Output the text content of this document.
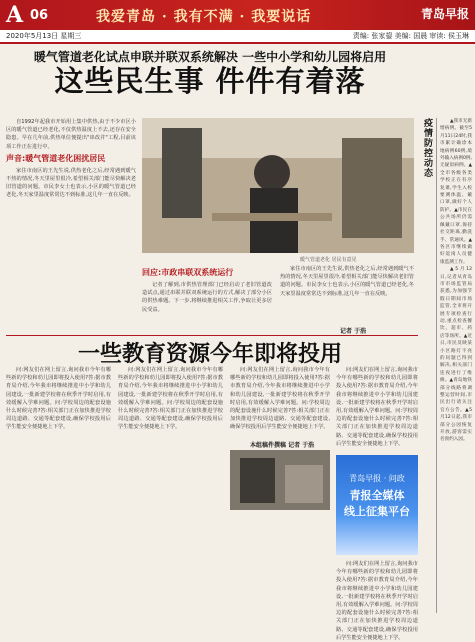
A 06	我爱青岛 · 我有不满 · 我要说话	青岛早报
2020年5月13日 星期三	责编: 张家鋆 美编: 国晨 审读: 侯玉琳
暖气管道老化试点申联并联双系统解决 一些中小学和幼儿园将启用
这些民生事 件件有着落

自1992年起我市开始用上集中供热,由于不少市区小区的暖气管道已经老化,不仅供热温度上不去,还存在安全隐患。早在几年前,供热单位便提出"串改并"工程,目前该项工作正在进行中。

声音:暖气管道老化困扰居民

家住市南区的王先生说,供热老化之后,经常遇到暖气不热的情况,冬天里屋里很冷,希望相关部门能尽快解决老旧管道的问题。市民李女士也表示,小区的暖气管道已经老化,冬天家里温度常常达不到标准,这几年一直在反映。

暖气管道老化 居民有意见
回应:市政串联双系统运行

记者了解到,市供热管理部门已经启动了老旧管道改造试点,通过串联并联双系统运行的方式,解决了部分小区的供热难题。下一步,将继续推进相关工作,争取让更多居民受益。

家住市南区的王先生说,供热老化之后,经常遇到暖气不热的情况,冬天里屋里很冷,希望相关部门能尽快解决老旧管道的问题。市民李女士也表示,小区的暖气管道已经老化,冬天家里温度常常达不到标准,这几年一直在反映。

记者 于浩
疫情防控动态	▲我市无新增病例。截至5月11日24时,我市累计确诊本地病例60例,境外输入病例0例,无疑似病例。▲全市各级各类学校正在有序复课,学生入校要测体温、戴口罩,做好个人防护。▲市民在公共场所仍需佩戴口罩,保持社交距离,勤洗手、常通风。▲各区市继续做好返岗人员健康监测工作。

▲5月12日,记者从青岛市市场监管局获悉,为加强节假日期间市场监管,全市将开展专项检查行动,重点检查餐饮、超市、药店等场所。▲近日,市民反映某小区路灯不亮的问题已得到解决,相关部门连夜进行了维修。▲青岛地铁部分线路将调整运营时间,市民出行请关注官方公告。▲5月12日起,我市部分公园恢复开放,游客需实名预约入园。

一些教育资源今年即将投用

问:网友们在网上留言,询问我市今年有哪些新的学校和幼儿园即将投入使用?答:据市教育局介绍,今年我市将继续推进中小学和幼儿园建设,一批新建学校将在秋季开学时启用,有效缓解入学难问题。问:学校周边的配套设施什么时候完善?答:相关部门正在加快推进学校周边道路、交通等配套建设,确保学校投用后学生能安全便捷地上下学。

问:网友们在网上留言,询问我市今年有哪些新的学校和幼儿园即将投入使用?答:据市教育局介绍,今年我市将继续推进中小学和幼儿园建设,一批新建学校将在秋季开学时启用,有效缓解入学难问题。问:学校周边的配套设施什么时候完善?答:相关部门正在加快推进学校周边道路、交通等配套建设,确保学校投用后学生能安全便捷地上下学。

问:网友们在网上留言,询问我市今年有哪些新的学校和幼儿园即将投入使用?答:据市教育局介绍,今年我市将继续推进中小学和幼儿园建设,一批新建学校将在秋季开学时启用,有效缓解入学难问题。问:学校周边的配套设施什么时候完善?答:相关部门正在加快推进学校周边道路、交通等配套建设,确保学校投用后学生能安全便捷地上下学。

本组稿件撰稿 记者 于浩

问:网友们在网上留言,询问我市今年有哪些新的学校和幼儿园即将投入使用?答:据市教育局介绍,今年我市将继续推进中小学和幼儿园建设,一批新建学校将在秋季开学时启用,有效缓解入学难问题。问:学校周边的配套设施什么时候完善?答:相关部门正在加快推进学校周边道路、交通等配套建设,确保学校投用后学生能安全便捷地上下学。

青岛早报 · 问政
青报全媒体
线上征集平台

问:网友们在网上留言,询问我市今年有哪些新的学校和幼儿园即将投入使用?答:据市教育局介绍,今年我市将继续推进中小学和幼儿园建设,一批新建学校将在秋季开学时启用,有效缓解入学难问题。问:学校周边的配套设施什么时候完善?答:相关部门正在加快推进学校周边道路、交通等配套建设,确保学校投用后学生能安全便捷地上下学。
